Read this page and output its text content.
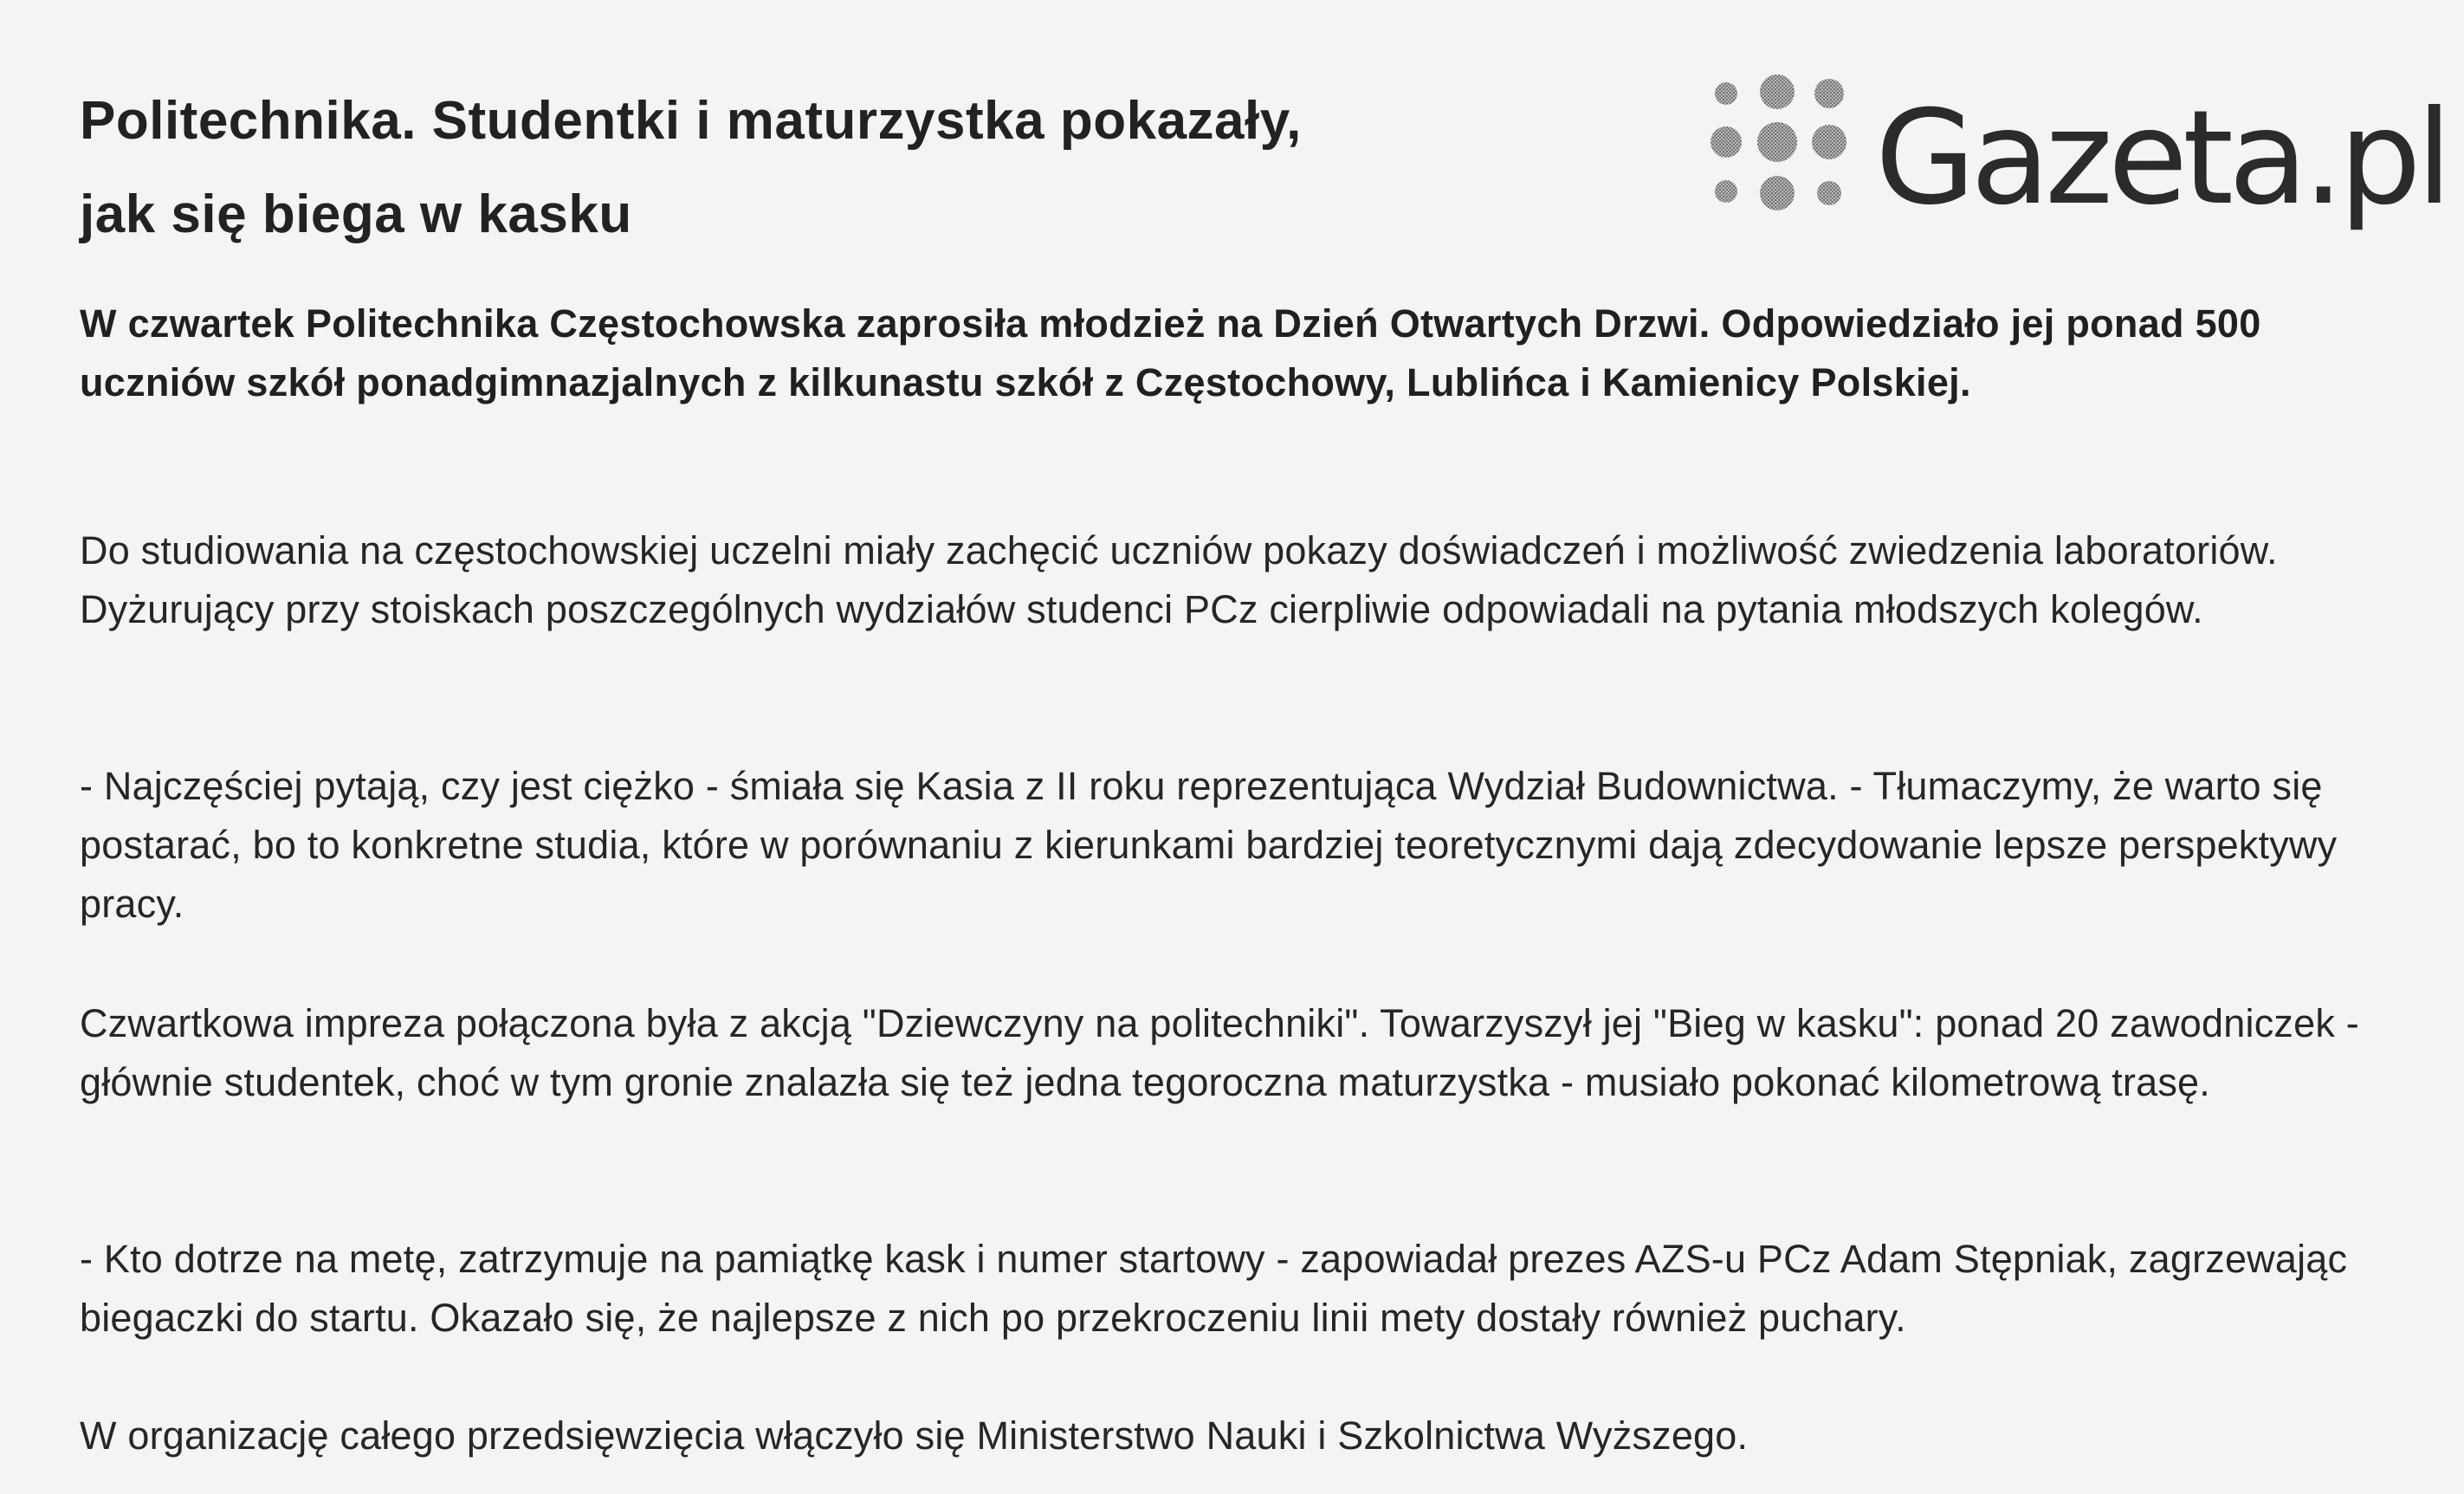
Politechnika. Studentki i maturzystka pokazały, jak się biega w kasku	Gazeta.pl

W czwartek Politechnika Częstochowska zaprosiła młodzież na Dzień Otwartych Drzwi. Odpowiedziało jej ponad 500 uczniów szkół ponadgimnazjalnych z kilkunastu szkół z Częstochowy, Lublińca i Kamienicy Polskiej.

Do studiowania na częstochowskiej uczelni miały zachęcić uczniów pokazy doświadczeń i możliwość zwiedzenia laboratoriów. Dyżurujący przy stoiskach poszczególnych wydziałów studenci PCz cierpliwie odpowiadali na pytania młodszych kolegów.

- Najczęściej pytają, czy jest ciężko - śmiała się Kasia z II roku reprezentująca Wydział Budownictwa. - Tłumaczymy, że warto się postarać, bo to konkretne studia, które w porównaniu z kierunkami bardziej teoretycznymi dają zdecydowanie lepsze perspektywy pracy.

Czwartkowa impreza połączona była z akcją "Dziewczyny na politechniki". Towarzyszył jej "Bieg w kasku": ponad 20 zawodniczek - głównie studentek, choć w tym gronie znalazła się też jedna tegoroczna maturzystka - musiało pokonać kilometrową trasę.

- Kto dotrze na metę, zatrzymuje na pamiątkę kask i numer startowy - zapowiadał prezes AZS-u PCz Adam Stępniak, zagrzewając biegaczki do startu. Okazało się, że najlepsze z nich po przekroczeniu linii mety dostały również puchary.

W organizację całego przedsięwzięcia włączyło się Ministerstwo Nauki i Szkolnictwa Wyższego.
